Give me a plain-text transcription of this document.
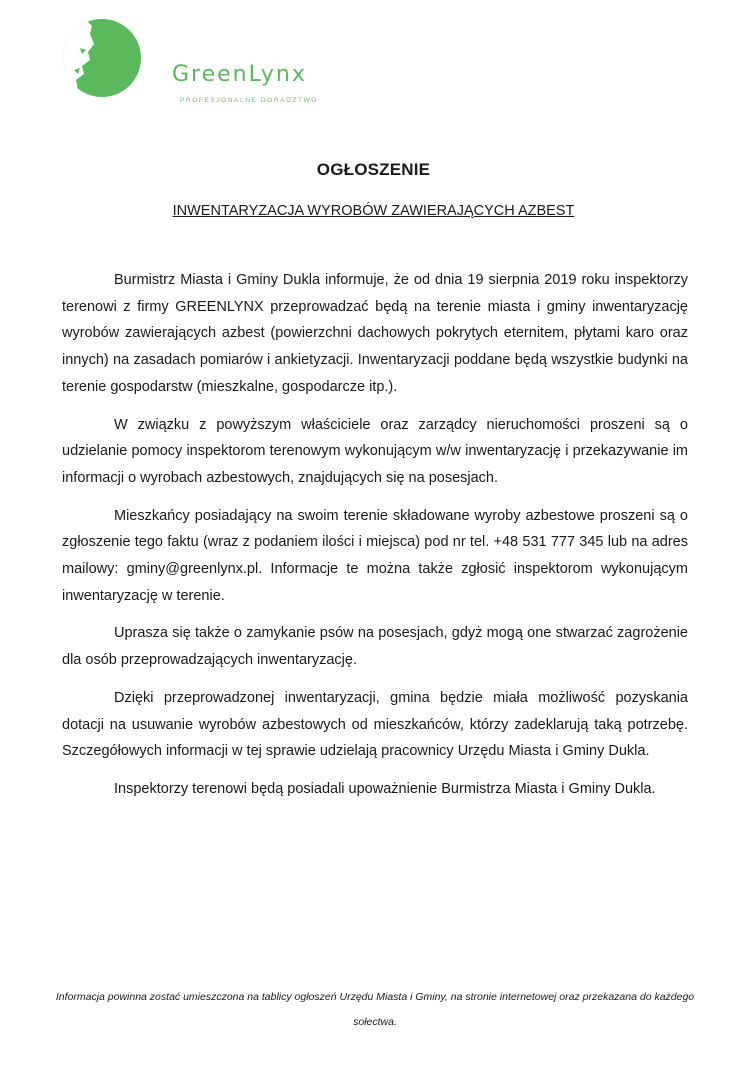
GreenLynx
PROFESJONALNE DORADZTWO
OGŁOSZENIE
INWENTARYZACJA WYROBÓW ZAWIERAJĄCYCH AZBEST

Burmistrz Miasta i Gminy Dukla informuje, że od dnia 19 sierpnia 2019 roku inspektorzy terenowi z firmy GREENLYNX przeprowadzać będą na terenie miasta i gminy inwentaryzację wyrobów zawierających azbest (powierzchni dachowych pokrytych eternitem, płytami karo oraz innych) na zasadach pomiarów i ankietyzacji. Inwentaryzacji poddane będą wszystkie budynki na terenie gospodarstw (mieszkalne, gospodarcze itp.).

W związku z powyższym właściciele oraz zarządcy nieruchomości proszeni są o udzielanie pomocy inspektorom terenowym wykonującym w/w inwentaryzację i przekazywanie im informacji o wyrobach azbestowych, znajdujących się na posesjach.

Mieszkańcy posiadający na swoim terenie składowane wyroby azbestowe proszeni są o zgłoszenie tego faktu (wraz z podaniem ilości i miejsca) pod nr tel. +48 531 777 345 lub na adres mailowy: gminy@greenlynx.pl. Informacje te można także zgłosić inspektorom wykonującym inwentaryzację w terenie.

Uprasza się także o zamykanie psów na posesjach, gdyż mogą one stwarzać zagrożenie dla osób przeprowadzających inwentaryzację.

Dzięki przeprowadzonej inwentaryzacji, gmina będzie miała możliwość pozyskania dotacji na usuwanie wyrobów azbestowych od mieszkańców, którzy zadeklarują taką potrzebę. Szczegółowych informacji w tej sprawie udzielają pracownicy Urzędu Miasta i Gminy Dukla.

Inspektorzy terenowi będą posiadali upoważnienie Burmistrza Miasta i Gminy Dukla.

Informacja powinna zostać umieszczona na tablicy ogłoszeń Urzędu Miasta i Gminy, na stronie internetowej oraz przekazana do każdego sołectwa.
